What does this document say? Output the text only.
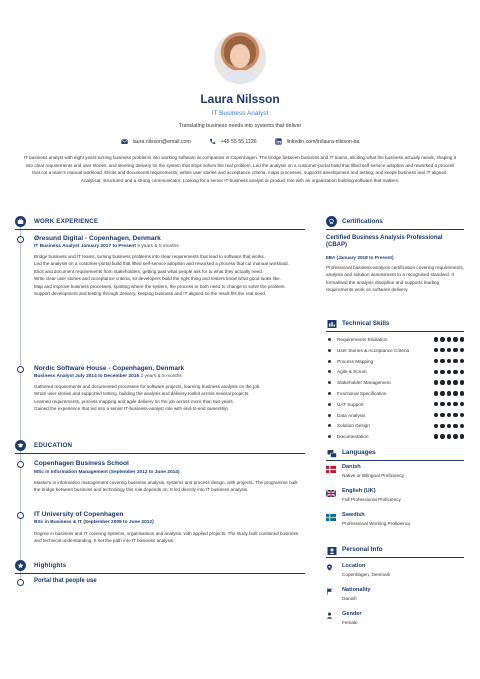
Laura Nilsson
IT Business Analyst
Translating business needs into systems that deliver
laura.nilsson@email.com	+45 55 55 1126	linkedin.com/in/laura-nilsson-ba
IT business analyst with eight years turning business problems into working software at companies in Copenhagen. The bridge between business and IT teams, eliciting what the business actually needs, shaping it into clear requirements and user stories, and steering delivery so the system that ships solves the real problem. Led the analysis on a customer-portal build that lifted self-service adoption and reworked a process that cut a team's manual workload. Elicits and documents requirements, writes user stories and acceptance criteria, maps processes, supports development and testing, and keeps business and IT aligned. Analytical, structured and a strong communicator. Looking for a senior IT-business analyst or product role with an organization building software that matters.
WORK EXPERIENCE
Øresund Digital - Copenhagen, Denmark
IT Business Analyst January 2017 to Present 9 years & 5 months
Bridge business and IT teams, turning business problems into clear requirements that lead to software that works.
Led the analysis on a customer-portal build that lifted self-service adoption and reworked a process that cut manual workload.
Elicit and document requirements from stakeholders, getting past what people ask for to what they actually need.
Write clear user stories and acceptance criteria, so developers build the right thing and testers know what good looks like.
Map and improve business processes, spotting where the system, the process or both need to change to solve the problem.
Support development and testing through delivery, keeping business and IT aligned so the result fits the real need.
Nordic Software House - Copenhagen, Denmark
Business Analyst July 2014 to December 2016 2 years & 5 months
Gathered requirements and documented processes for software projects, learning business analysis on the job.
Wrote user stories and supported testing, building the analysis and delivery toolkit across several projects.
Learned requirements, process mapping and agile delivery on the job across more than two years.
Gained the experience that led into a senior IT-business-analyst role with end-to-end ownership.
EDUCATION
Copenhagen Business School
MSc in Information Management (September 2012 to June 2014)
Master's in information management covering business analysis, systems and process design, with projects. The programme built the bridge between business and technology this role depends on. It led directly into IT business analysis.
IT University of Copenhagen
BSc in Business & IT (September 2009 to June 2012)
Degree in business and IT covering systems, organisations and analysis, with applied projects. The study built combined business and technical understanding. It set the path into IT business analysis.
Highlights
Portal that people use
Certifications
Certified Business Analysis Professional (CBAP)
IIBA (January 2018 to Present)
Professional business-analysis certification covering requirements, analysis and solution assessment to a recognised standard. It formalised the analysis discipline and supports leading requirements work on software delivery.
Technical Skills
Requirements Elicitation
User Stories & Acceptance Criteria
Process Mapping
Agile & Scrum
Stakeholder Management
Functional Specification
UAT Support
Data Analysis
Solution Design
Documentation
Languages
Danish
Native or Bilingual Proficiency
English (UK)
Full Professional Proficiency
Swedish
Professional Working Proficiency
Personal Info
Location
Copenhagen, Denmark
Nationality
Danish
Gender
Female
